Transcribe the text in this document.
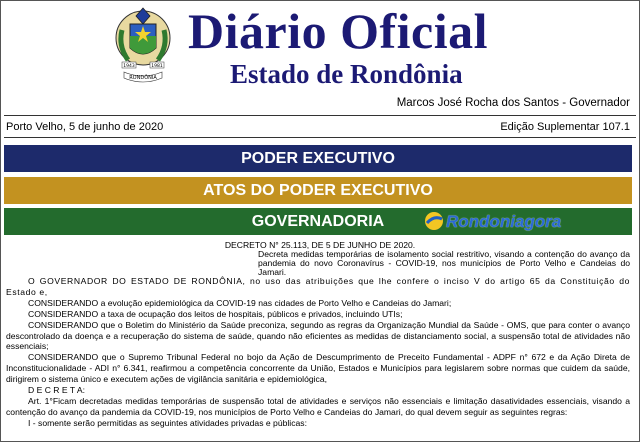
1943	1981
RONDÔNIA
Diário Oficial
Estado de Rondônia
Marcos José Rocha dos Santos - Governador
Porto Velho, 5 de junho de 2020	Edição Suplementar 107.1
PODER EXECUTIVO
ATOS DO PODER EXECUTIVO
GOVERNADORIA	Rondoniagora
DECRETO N° 25.113, DE 5 DE JUNHO DE 2020.
Decreta medidas temporárias de isolamento social restritivo, visando a contenção do avanço da pandemia do novo Coronavírus - COVID-19, nos municípios de Porto Velho e Candeias do Jamari.

O GOVERNADOR DO ESTADO DE RONDÔNIA, no uso das atribuições que lhe confere o inciso V do artigo 65 da Constituição do Estado e,

CONSIDERANDO a evolução epidemiológica da COVID-19 nas cidades de Porto Velho e Candeias do Jamari;

CONSIDERANDO a taxa de ocupação dos leitos de hospitais, públicos e privados, incluindo UTIs;

CONSIDERANDO que o Boletim do Ministério da Saúde preconiza, segundo as regras da Organização Mundial da Saúde - OMS, que para conter o avanço descontrolado da doença e a recuperação do sistema de saúde, quando não eficientes as medidas de distanciamento social, a suspensão total de atividades não essenciais;

CONSIDERANDO que o Supremo Tribunal Federal no bojo da Ação de Descumprimento de Preceito Fundamental - ADPF n° 672 e da Ação Direta de Inconstitucionalidade - ADI n° 6.341, reafirmou a competência concorrente da União, Estados e Municípios para legislarem sobre normas que cuidem da saúde, dirigirem o sistema único e executem ações de vigilância sanitária e epidemiológica,

D E C R E T A:

Art. 1°Ficam decretadas medidas temporárias de suspensão total de atividades e serviços não essenciais e limitação dasatividades essenciais, visando a contenção do avanço da pandemia da COVID-19, nos municípios de Porto Velho e Candeias do Jamari, do qual devem seguir as seguintes regras:

I - somente serão permitidas as seguintes atividades privadas e públicas:
